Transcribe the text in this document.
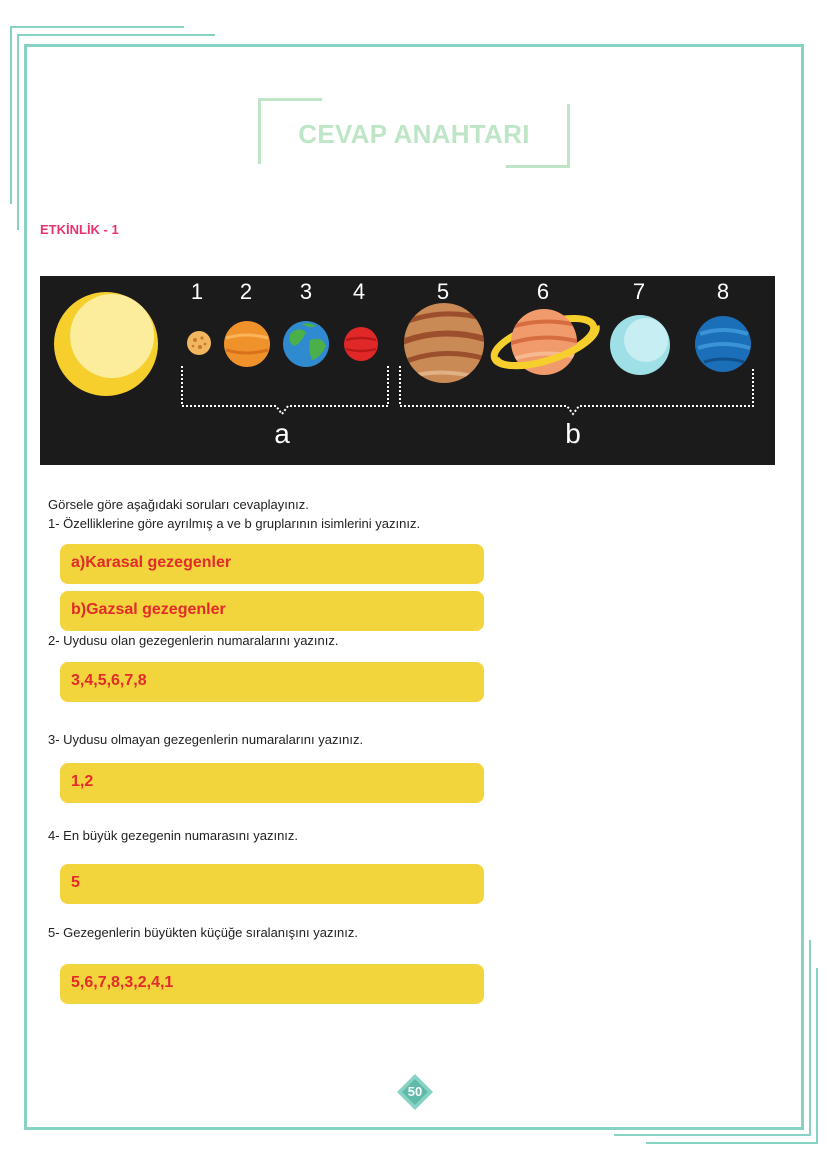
CEVAP ANAHTARI
ETKİNLİK - 1
1 2 3 4	5	6	7	8
a	b
Görsele göre aşağıdaki soruları cevaplayınız.
1- Özelliklerine göre ayrılmış a ve b gruplarının isimlerini yazınız.
a)Karasal gezegenler
b)Gazsal gezegenler
2- Uydusu olan gezegenlerin numaralarını yazınız.
3,4,5,6,7,8
3- Uydusu olmayan gezegenlerin numaralarını yazınız.
1,2
4- En büyük gezegenin numarasını yazınız.
5
5- Gezegenlerin büyükten küçüğe sıralanışını yazınız.
5,6,7,8,3,2,4,1
50
